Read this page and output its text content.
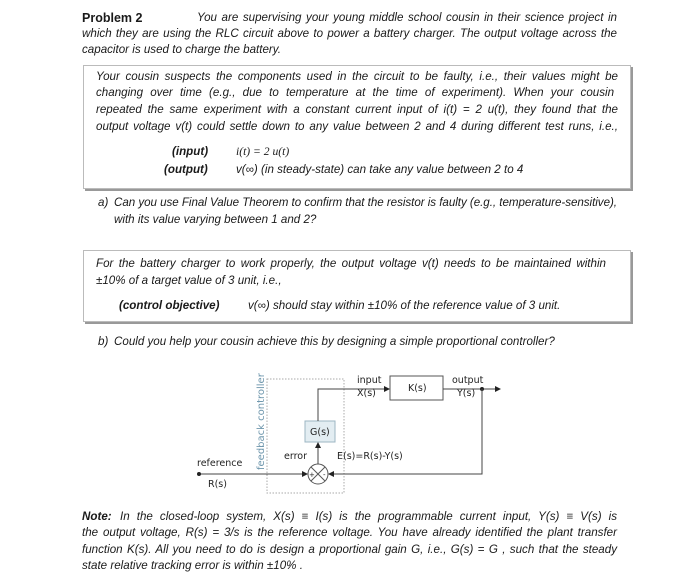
Problem 2	You are supervising your young middle school cousin in their science project in
which they are using the RLC circuit above to power a battery charger. The output voltage across the
capacitor is used to charge the battery.
Your cousin suspects the components used in the circuit to be faulty, i.e., their values might be
changing over time (e.g., due to temperature at the time of experiment). When your cousin
repeated the same experiment with a constant current input of i(t) = 2 u(t), they found that the
output voltage v(t) could settle down to any value between 2 and 4 during different test runs, i.e.,
(input) i(t) = 2 u(t)
(output) v(∞) (in steady-state) can take any value between 2 to 4
a) Can you use Final Value Theorem to confirm that the resistor is faulty (e.g., temperature-sensitive),
with its value varying between 1 and 2?
For the battery charger to work properly, the output voltage v(t) needs to be maintained within
±10% of a target value of 3 unit, i.e.,
(control objective) v(∞) should stay within ±10% of the reference value of 3 unit.
b) Could you help your cousin achieve this by designing a simple proportional controller?
feedback controller	K(s)
G(s)
+ -
input
X(s)
output
Y(s)
error	E(s)=R(s)-Y(s)
reference
R(s)
Note: In the closed-loop system, X(s) ≡ I(s) is the programmable current input, Y(s) ≡ V(s) is
the output voltage, R(s) = 3/s is the reference voltage. You have already identified the plant transfer
function K(s). All you need to do is design a proportional gain G, i.e., G(s) = G , such that the steady
state relative tracking error is within ±10% .
